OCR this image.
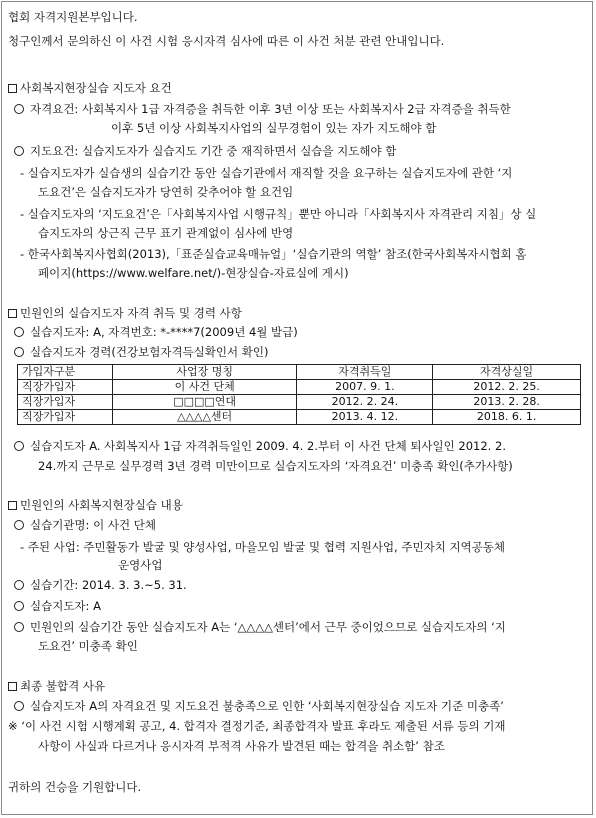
협회 자격지원본부입니다.
청구인께서 문의하신 이 사건 시험 응시자격 심사에 따른 이 사건 처분 관련 안내입니다.
사회복지현장실습 지도자 요건
자격요건: 사회복지사 1급 자격증을 취득한 이후 3년 이상 또는 사회복지사 2급 자격증을 취득한
이후 5년 이상 사회복지사업의 실무경험이 있는 자가 지도해야 함
지도요건: 실습지도자가 실습지도 기간 중 재직하면서 실습을 지도해야 함
- 실습지도자가 실습생의 실습기간 동안 실습기관에서 재직할 것을 요구하는 실습지도자에 관한 ‘지
도요건’은 실습지도자가 당연히 갖추어야 할 요건임
- 실습지도자의 ‘지도요건’은「사회복지사업 시행규칙」뿐만 아니라「사회복지사 자격관리 지침」상 실
습지도자의 상근직 근무 표기 관계없이 심사에 반영
- 한국사회복지사협회(2013),「표준실습교육매뉴얼」‘실습기관의 역할’ 참조(한국사회복자시협회 홈
페이지(https://www.welfare.net/)-현장실습-자료실에 게시)
민원인의 실습지도자 자격 취득 및 경력 사항
실습지도자: A, 자격번호: *-****7(2009년 4월 발급)
실습지도자 경력(건강보험자격득실확인서 확인)
가입자구분	사업장 명칭	자격취득일	자격상실일
직장가입자	이 사건 단체	2007. 9. 1.	2012. 2. 25.
직장가입자	□□□□연대	2012. 2. 24.	2013. 2. 28.
직장가입자	△△△△센터	2013. 4. 12.	2018. 6. 1.
실습지도자 A. 사회복지사 1급 자격취득일인 2009. 4. 2.부터 이 사건 단체 퇴사일인 2012. 2.
24.까지 근무로 실무경력 3년 경력 미만이므로 실습지도자의 ‘자격요건’ 미충족 확인(추가사항)
민원인의 사회복지현장실습 내용
실습기관명: 이 사건 단체
- 주된 사업: 주민활동가 발굴 및 양성사업, 마을모임 발굴 및 협력 지원사업, 주민자치 지역공동체
운영사업
실습기간: 2014. 3. 3.~5. 31.
실습지도자: A
민원인의 실습기간 동안 실습지도자 A는 ‘△△△△센터’에서 근무 중이었으므로 실습지도자의 ‘지
도요건’ 미충족 확인
최종 불합격 사유
실습지도자 A의 자격요건 및 지도요건 불충족으로 인한 ‘사회복지현장실습 지도자 기준 미충족’
※ ‘이 사건 시험 시행계획 공고, 4. 합격자 결정기준, 최종합격자 발표 후라도 제출된 서류 등의 기재
사항이 사실과 다르거나 응시자격 부적격 사유가 발견된 때는 합격을 취소함’ 참조
귀하의 건승을 기원합니다.
